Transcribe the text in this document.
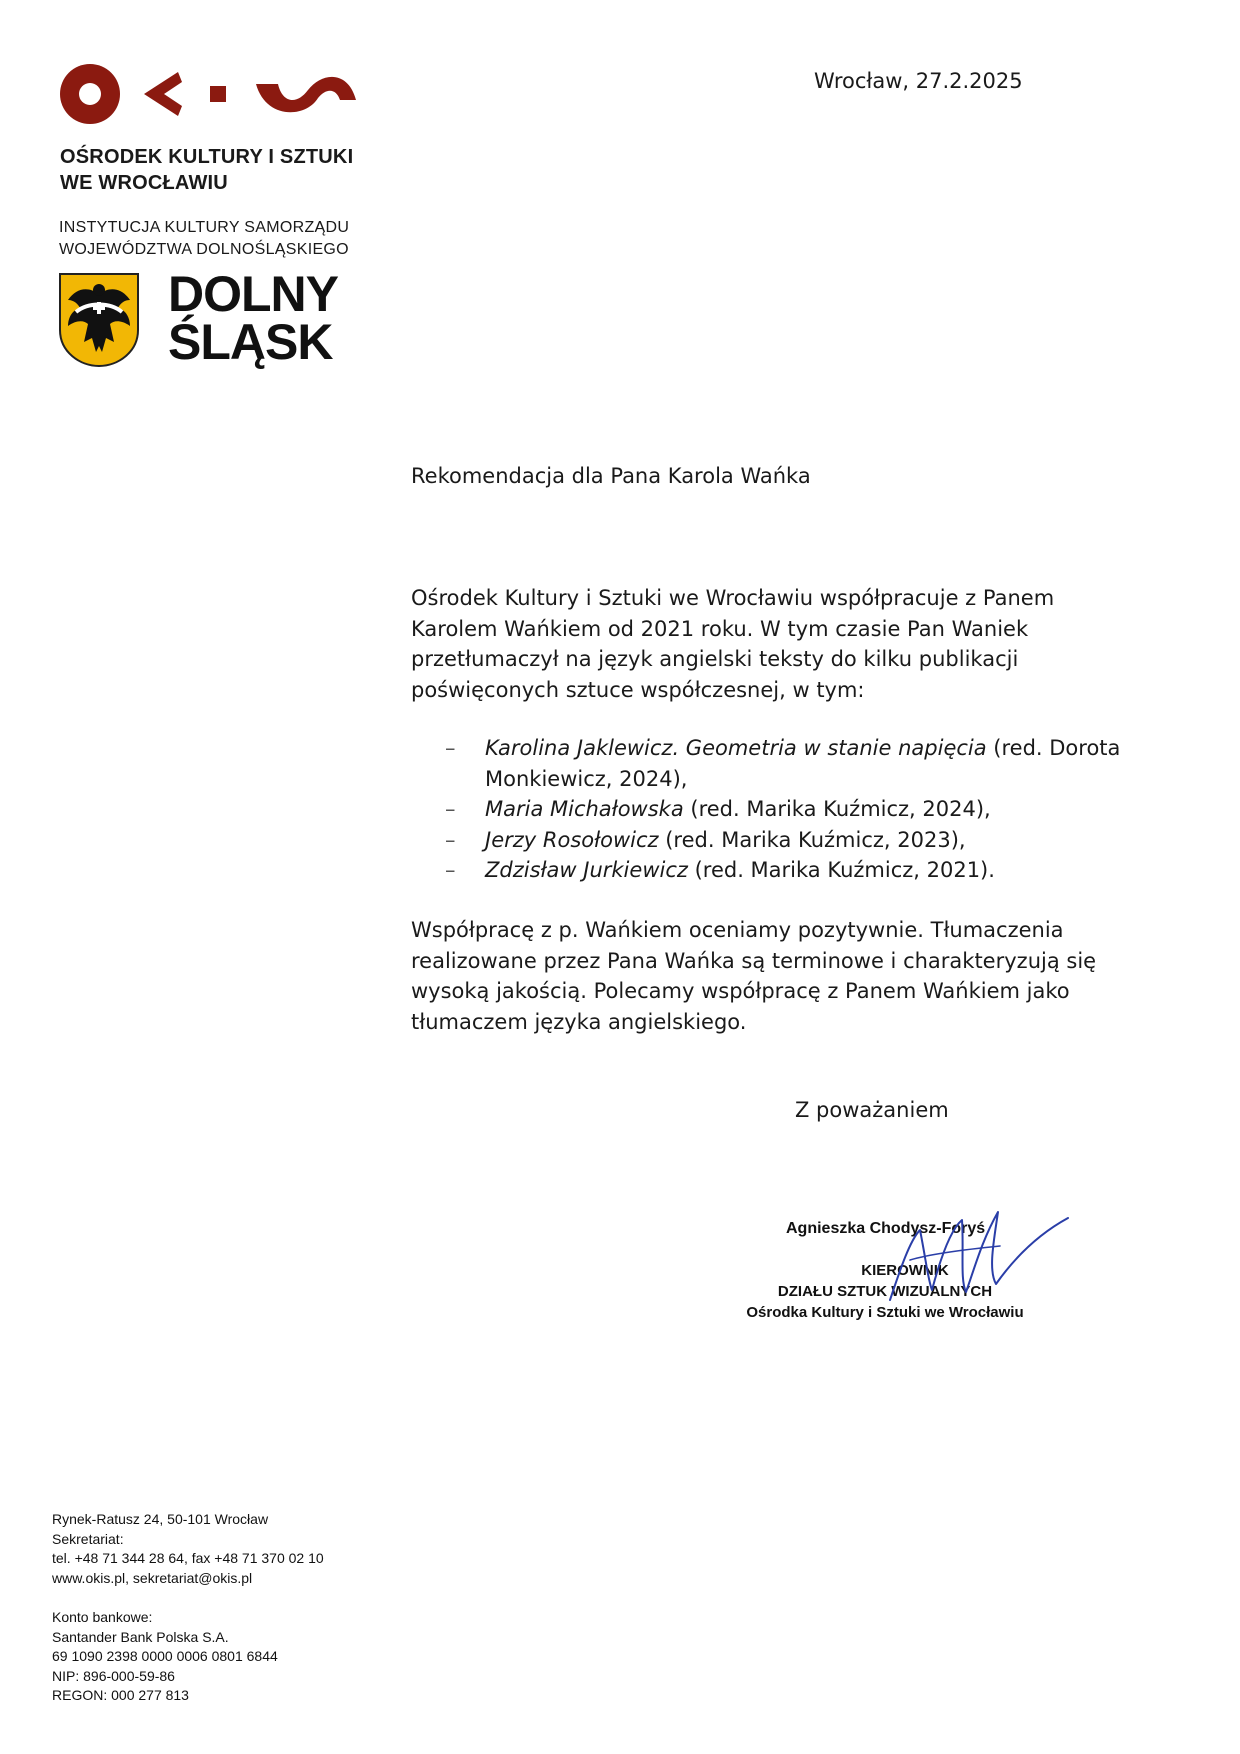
OŚRODEK KULTURY I SZTUKI
WE WROCŁAWIU
INSTYTUCJA KULTURY SAMORZĄDU
WOJEWÓDZTWA DOLNOŚLĄSKIEGO
DOLNY
ŚLĄSK
Wrocław, 27.2.2025
Rekomendacja dla Pana Karola Wańka

Ośrodek Kultury i Sztuki we Wrocławiu współpracuje z Panem Karolem Wańkiem od 2021 roku. W tym czasie Pan Waniek przetłumaczył na język angielski teksty do kilku publikacji poświęconych sztuce współczesnej, w tym:

– Karolina Jaklewicz. Geometria w stanie napięcia (red. Dorota Monkiewicz, 2024),
– Maria Michałowska (red. Marika Kuźmicz, 2024),
– Jerzy Rosołowicz (red. Marika Kuźmicz, 2023),
– Zdzisław Jurkiewicz (red. Marika Kuźmicz, 2021).

Współpracę z p. Wańkiem oceniamy pozytywnie. Tłumaczenia realizowane przez Pana Wańka są terminowe i charakteryzują się wysoką jakością. Polecamy współpracę z Panem Wańkiem jako tłumaczem języka angielskiego.

Z poważaniem
Agnieszka Chodysz-Foryś
KIEROWNIK
DZIAŁU SZTUK WIZUALNYCH
Ośrodka Kultury i Sztuki we Wrocławiu
Rynek-Ratusz 24, 50-101 Wrocław
Sekretariat:
tel. +48 71 344 28 64, fax +48 71 370 02 10
www.okis.pl, sekretariat@okis.pl
Konto bankowe:
Santander Bank Polska S.A.
69 1090 2398 0000 0006 0801 6844
NIP: 896-000-59-86
REGON: 000 277 813
